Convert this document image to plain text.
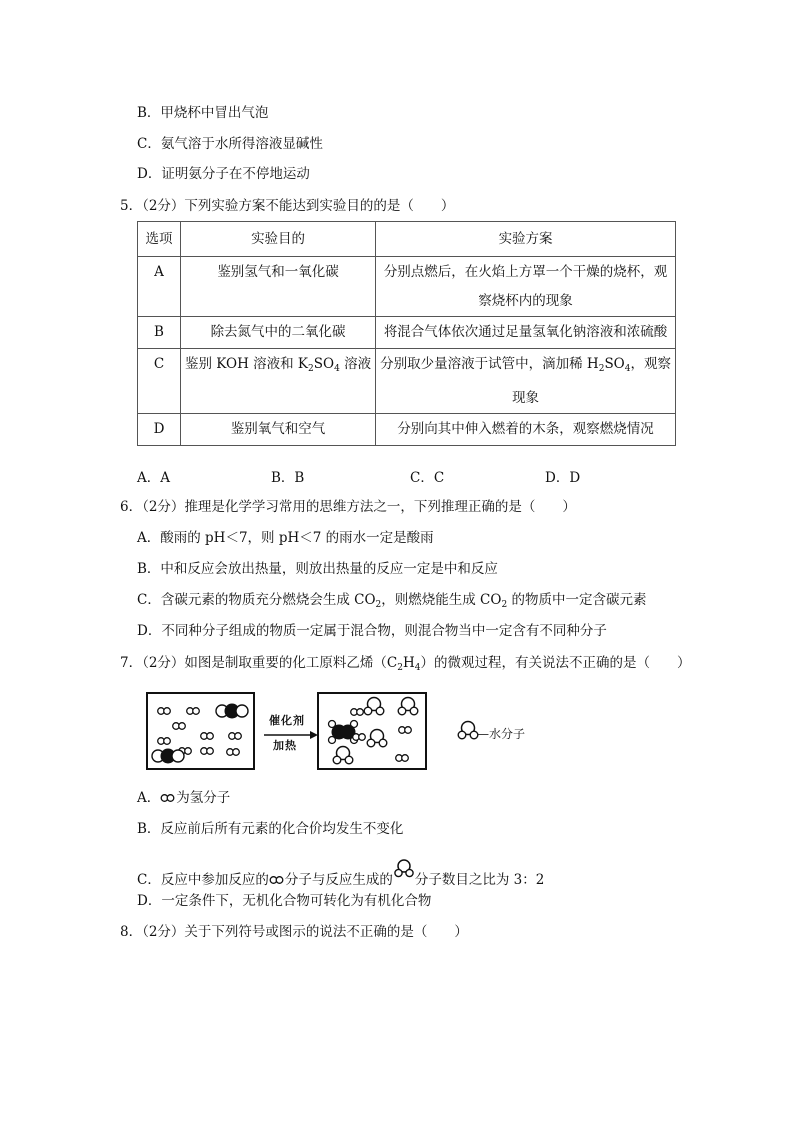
B．甲烧杯中冒出气泡
C．氨气溶于水所得溶液显碱性
D．证明氨分子在不停地运动
5．（2分）下列实验方案不能达到实验目的的是（　　）
选项	实验目的	实验方案
A	鉴别氢气和一氧化碳	分别点燃后，在火焰上方罩一个干燥的烧杯，观
察烧杯内的现象

B	除去氮气中的二氧化碳	将混合气体依次通过足量氢氧化钠溶液和浓硫酸
C	鉴别 KOH 溶液和 $K_2SO_4$ 溶液	分别取少量溶液于试管中，滴加稀 $H_2SO_4$，观察
现象

D	鉴别氧气和空气	分别向其中伸入燃着的木条，观察燃烧情况
A．A	B．B	C．C	D．D
6．（2分）推理是化学学习常用的思维方法之一，下列推理正确的是（　　）
A．酸雨的 pH＜7，则 pH＜7 的雨水一定是酸雨
B．中和反应会放出热量，则放出热量的反应一定是中和反应
C．含碳元素的物质充分燃烧会生成 $CO_2$，则燃烧能生成 $CO_2$ 的物质中一定含碳元素
D．不同种分子组成的物质一定属于混合物，则混合物当中一定含有不同种分子
7．（2分）如图是制取重要的化工原料乙烯$(C_2H_4)$的微观过程，有关说法不正确的是（　　）
催化剂
加热
—水分子
A． 为氢分子
B．反应前后所有元素的化合价均发生不变化
C．反应中参加反应的 分子与反应生成的 分子数目之比为 3：2
D．一定条件下，无机化合物可转化为有机化合物
8．（2分）关于下列符号或图示的说法不正确的是（　　）
